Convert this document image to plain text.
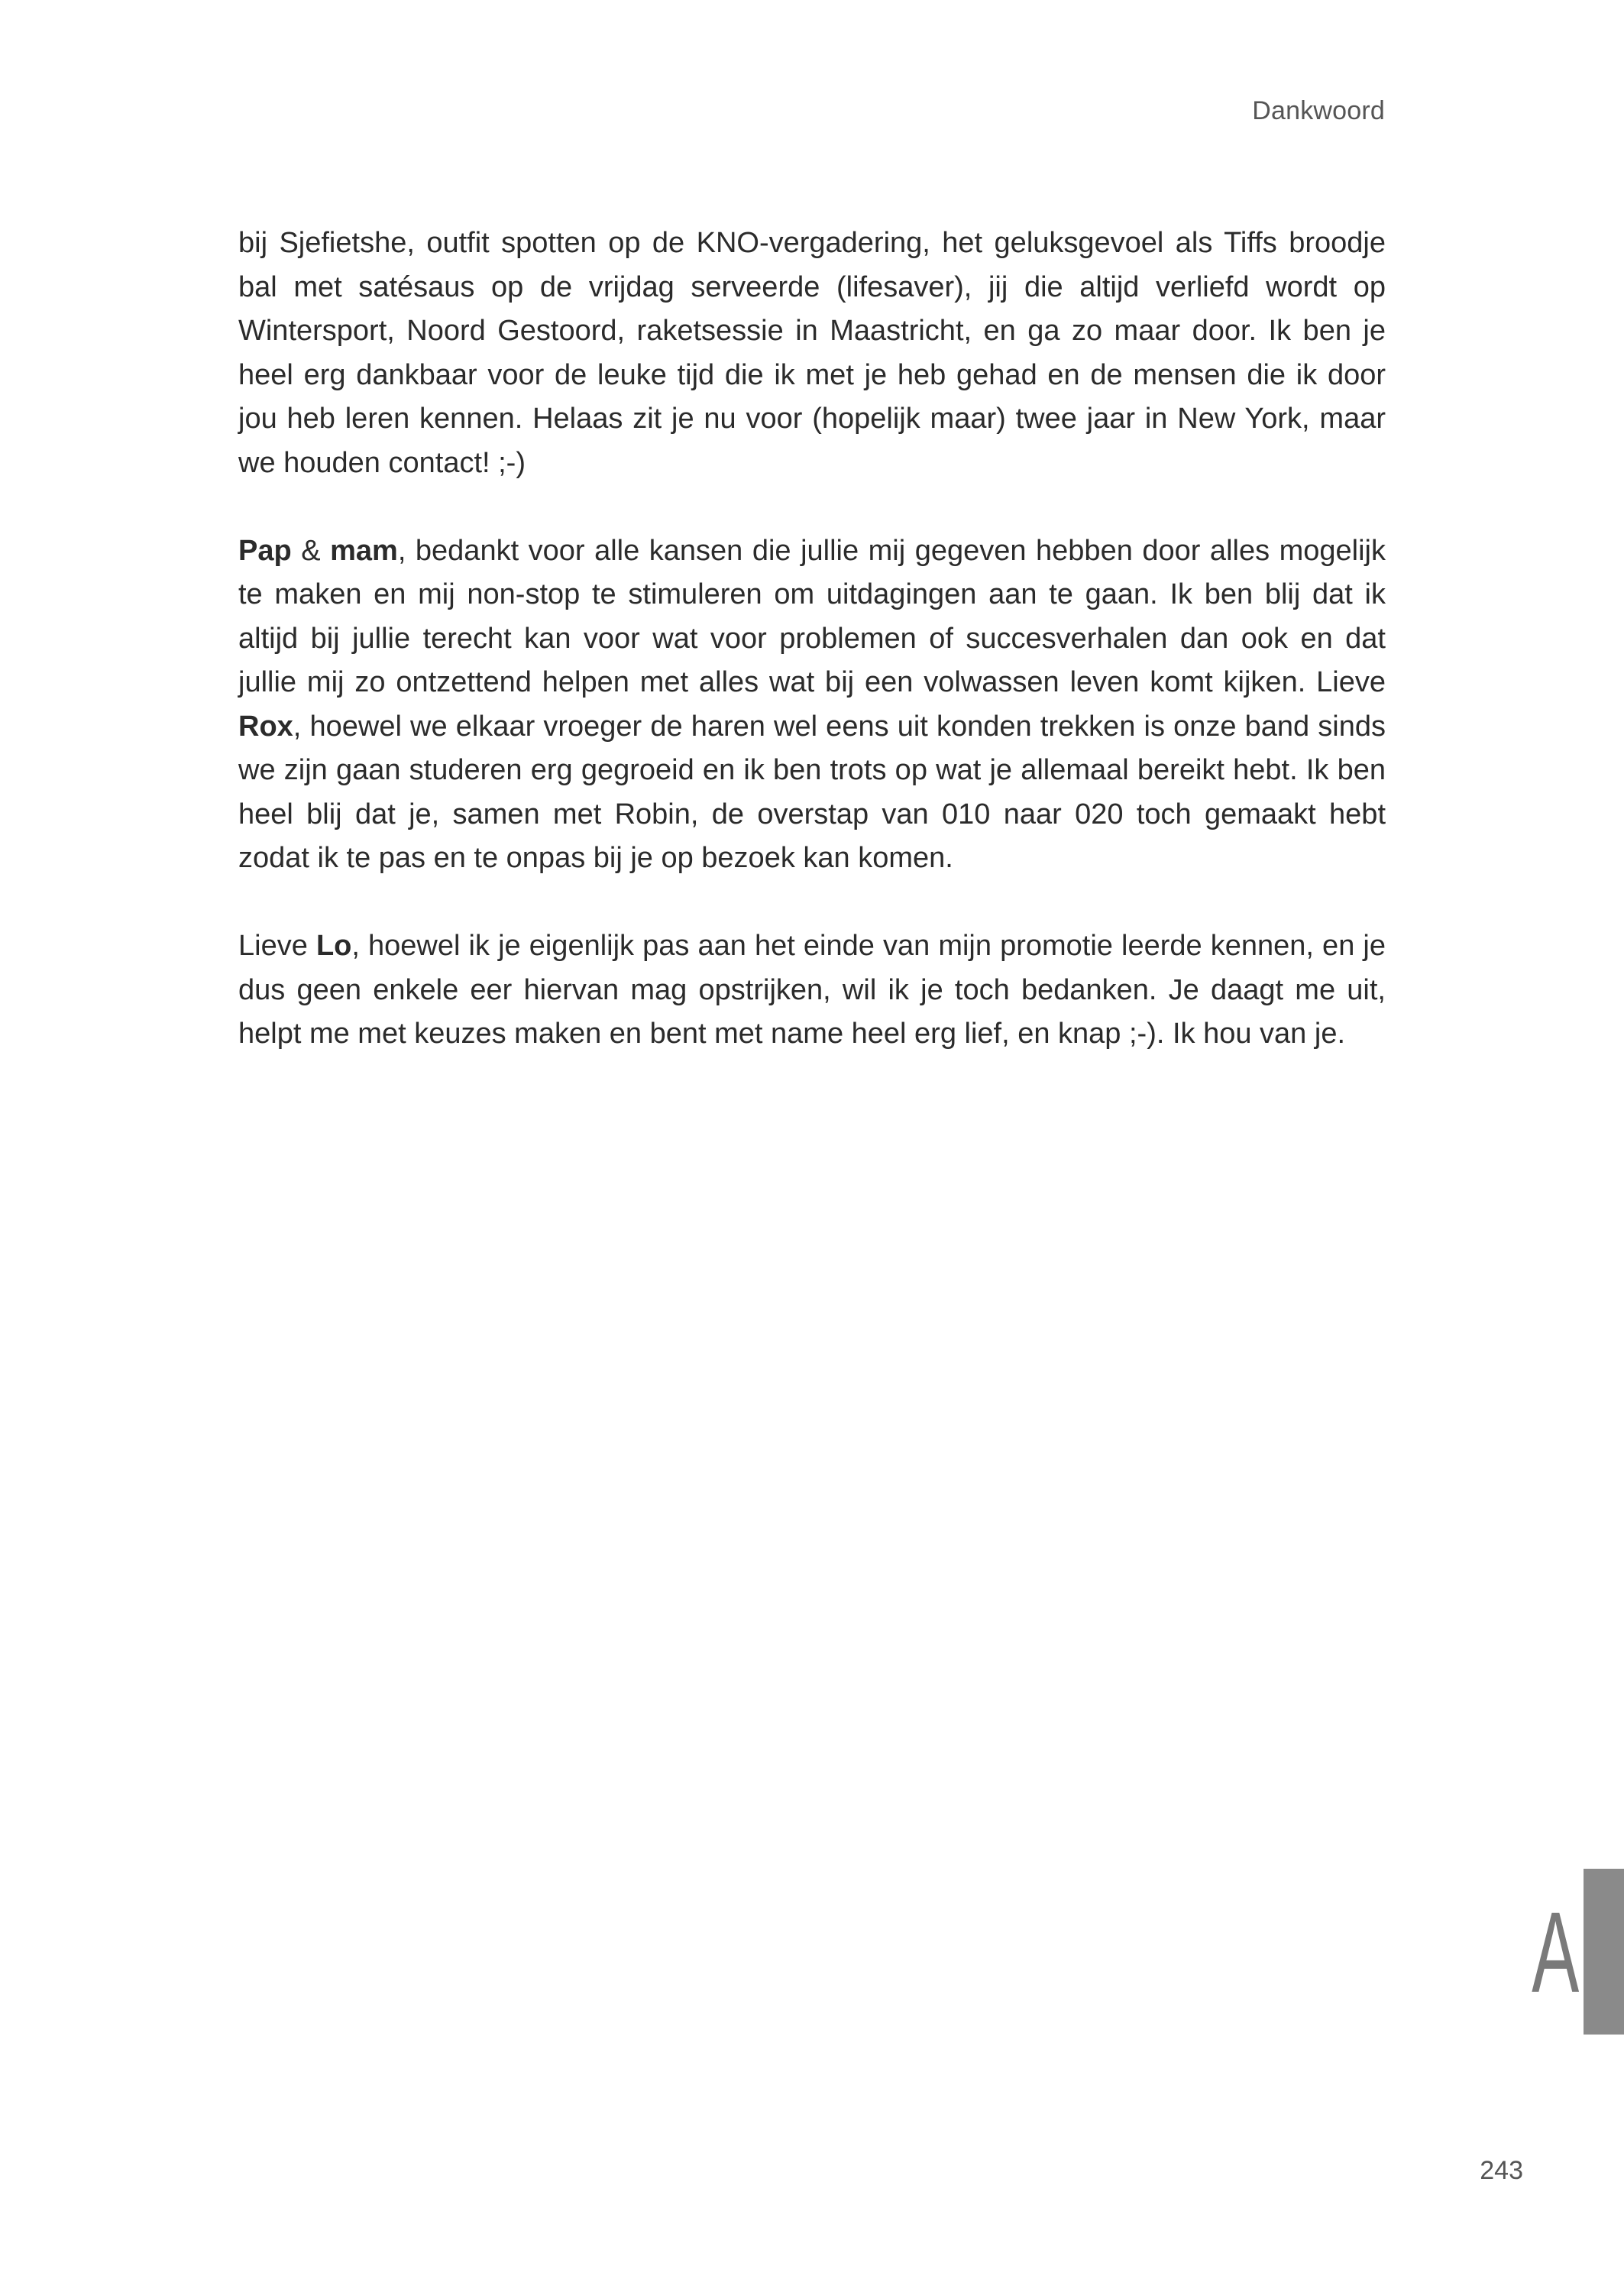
Dankwoord

bij Sjefietshe, outfit spotten op de KNO-vergadering, het geluksgevoel als Tiffs broodje bal met satésaus op de vrijdag serveerde (lifesaver), jij die altijd verliefd wordt op Wintersport, Noord Gestoord, raketsessie in Maastricht, en ga zo maar door. Ik ben je heel erg dankbaar voor de leuke tijd die ik met je heb gehad en de mensen die ik door jou heb leren kennen. Helaas zit je nu voor (hopelijk maar) twee jaar in New York, maar we houden contact! ;-)

Pap & mam, bedankt voor alle kansen die jullie mij gegeven hebben door alles mogelijk te maken en mij non-stop te stimuleren om uitdagingen aan te gaan. Ik ben blij dat ik altijd bij jullie terecht kan voor wat voor problemen of succesverhalen dan ook en dat jullie mij zo ontzettend helpen met alles wat bij een volwassen leven komt kijken. Lieve Rox, hoewel we elkaar vroeger de haren wel eens uit konden trekken is onze band sinds we zijn gaan studeren erg gegroeid en ik ben trots op wat je allemaal bereikt hebt. Ik ben heel blij dat je, samen met Robin, de overstap van 010 naar 020 toch gemaakt hebt zodat ik te pas en te onpas bij je op bezoek kan komen.

Lieve Lo, hoewel ik je eigenlijk pas aan het einde van mijn promotie leerde kennen, en je dus geen enkele eer hiervan mag opstrijken, wil ik je toch bedanken. Je daagt me uit, helpt me met keuzes maken en bent met name heel erg lief, en knap ;-). Ik hou van je.

A
243
